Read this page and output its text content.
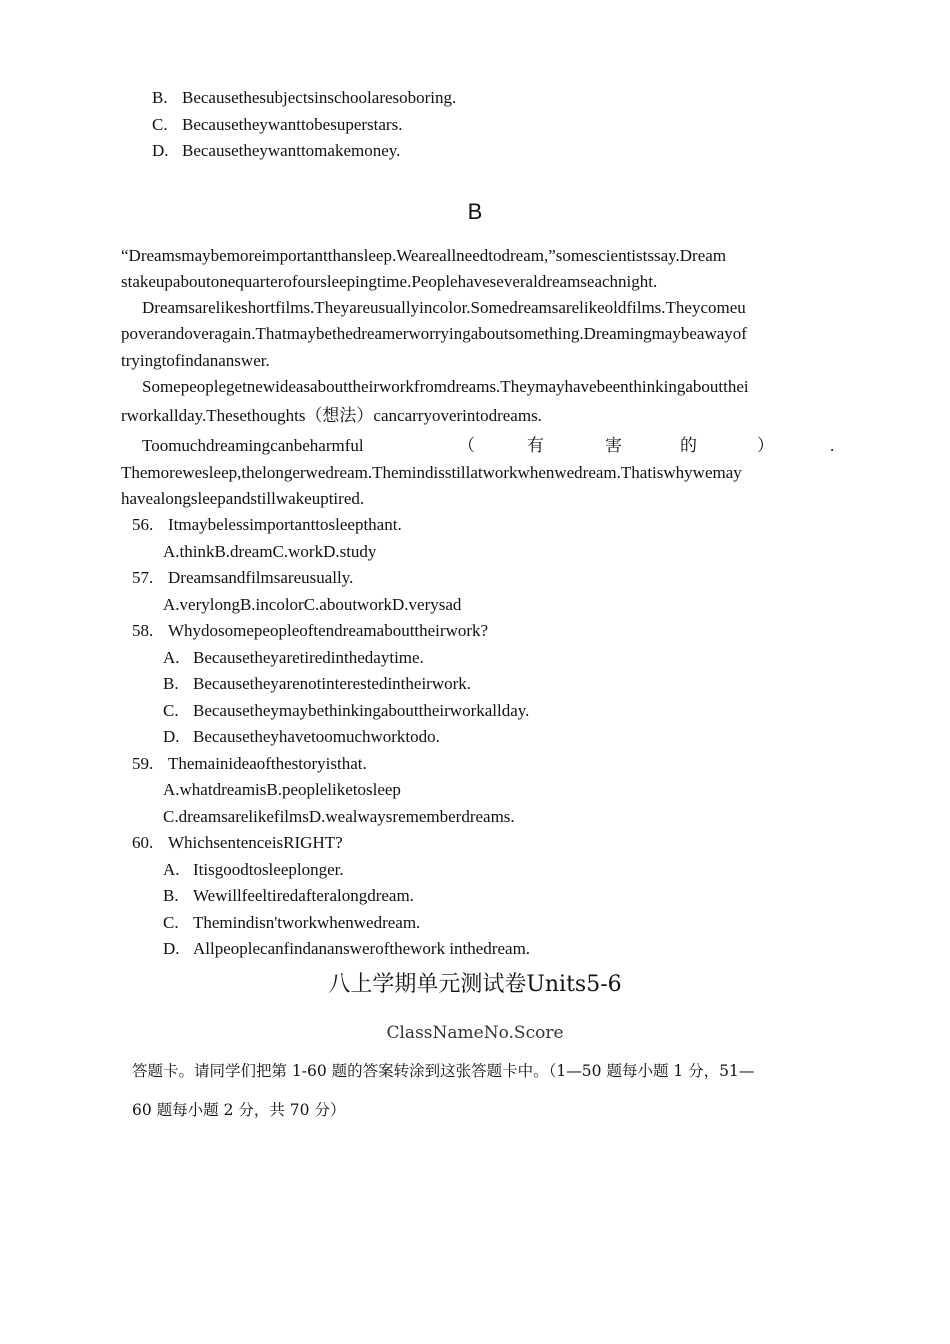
B. Becausethesubjectsinschoolaresoboring.
C. Becausetheywanttobesuperstars.
D. Becausetheywanttomakemoney.
B
“Dreamsmaybemoreimportantthansleep.Weareallneedtodream,”somescientistssay.Dream
stakeupaboutonequarterofoursleepingtime.Peoplehaveseveraldreamseachnight.
Dreamsarelikeshortfilms.Theyareusuallyincolor.Somedreamsarelikeoldfilms.Theycomeu
poverandoveragain.Thatmaybethedreamerworryingaboutsomething.Dreamingmaybeawayof
tryingtofindananswer.
Somepeoplegetnewideasabouttheirworkfromdreams.Theymayhavebeenthinkingaboutthei
rworkallday.Thesethoughts（想法）cancarryoverintodreams.
Toomuchdreamingcanbeharmful	（	有	害	的	）	.
Themorewesleep,thelongerwedream.Themindisstillatworkwhenwedream.Thatiswhywemay
havealongsleepandstillwakeuptired.
56. Itmaybelessimportanttosleepthant.
A.thinkB.dreamC.workD.study
57. Dreamsandfilmsareusually.
A.verylongB.incolorC.aboutworkD.verysad
58. Whydosomepeopleoftendreamabouttheirwork?
A. Becausetheyaretiredinthedaytime.
B. Becausetheyarenotinterestedintheirwork.
C. Becausetheymaybethinkingabouttheirworkallday.
D. Becausetheyhavetoomuchworktodo.
59. Themainideaofthestoryisthat.
A.whatdreamisB.peopleliketosleep
C.dreamsarelikefilmsD.wealwaysrememberdreams.
60. WhichsentenceisRIGHT?
A. Itisgoodtosleeplonger.
B. Wewillfeeltiredafteralongdream.
C. Themindisn'tworkwhenwedream.
D. Allpeoplecanfindananswerofthework inthedream.
八上学期单元测试卷Units5-6
ClassNameNo.Score
答题卡。请同学们把第 1-60 题的答案转涂到这张答题卡中。（1—50 题每小题 1 分，51—
60 题每小题 2 分，共 70 分）
